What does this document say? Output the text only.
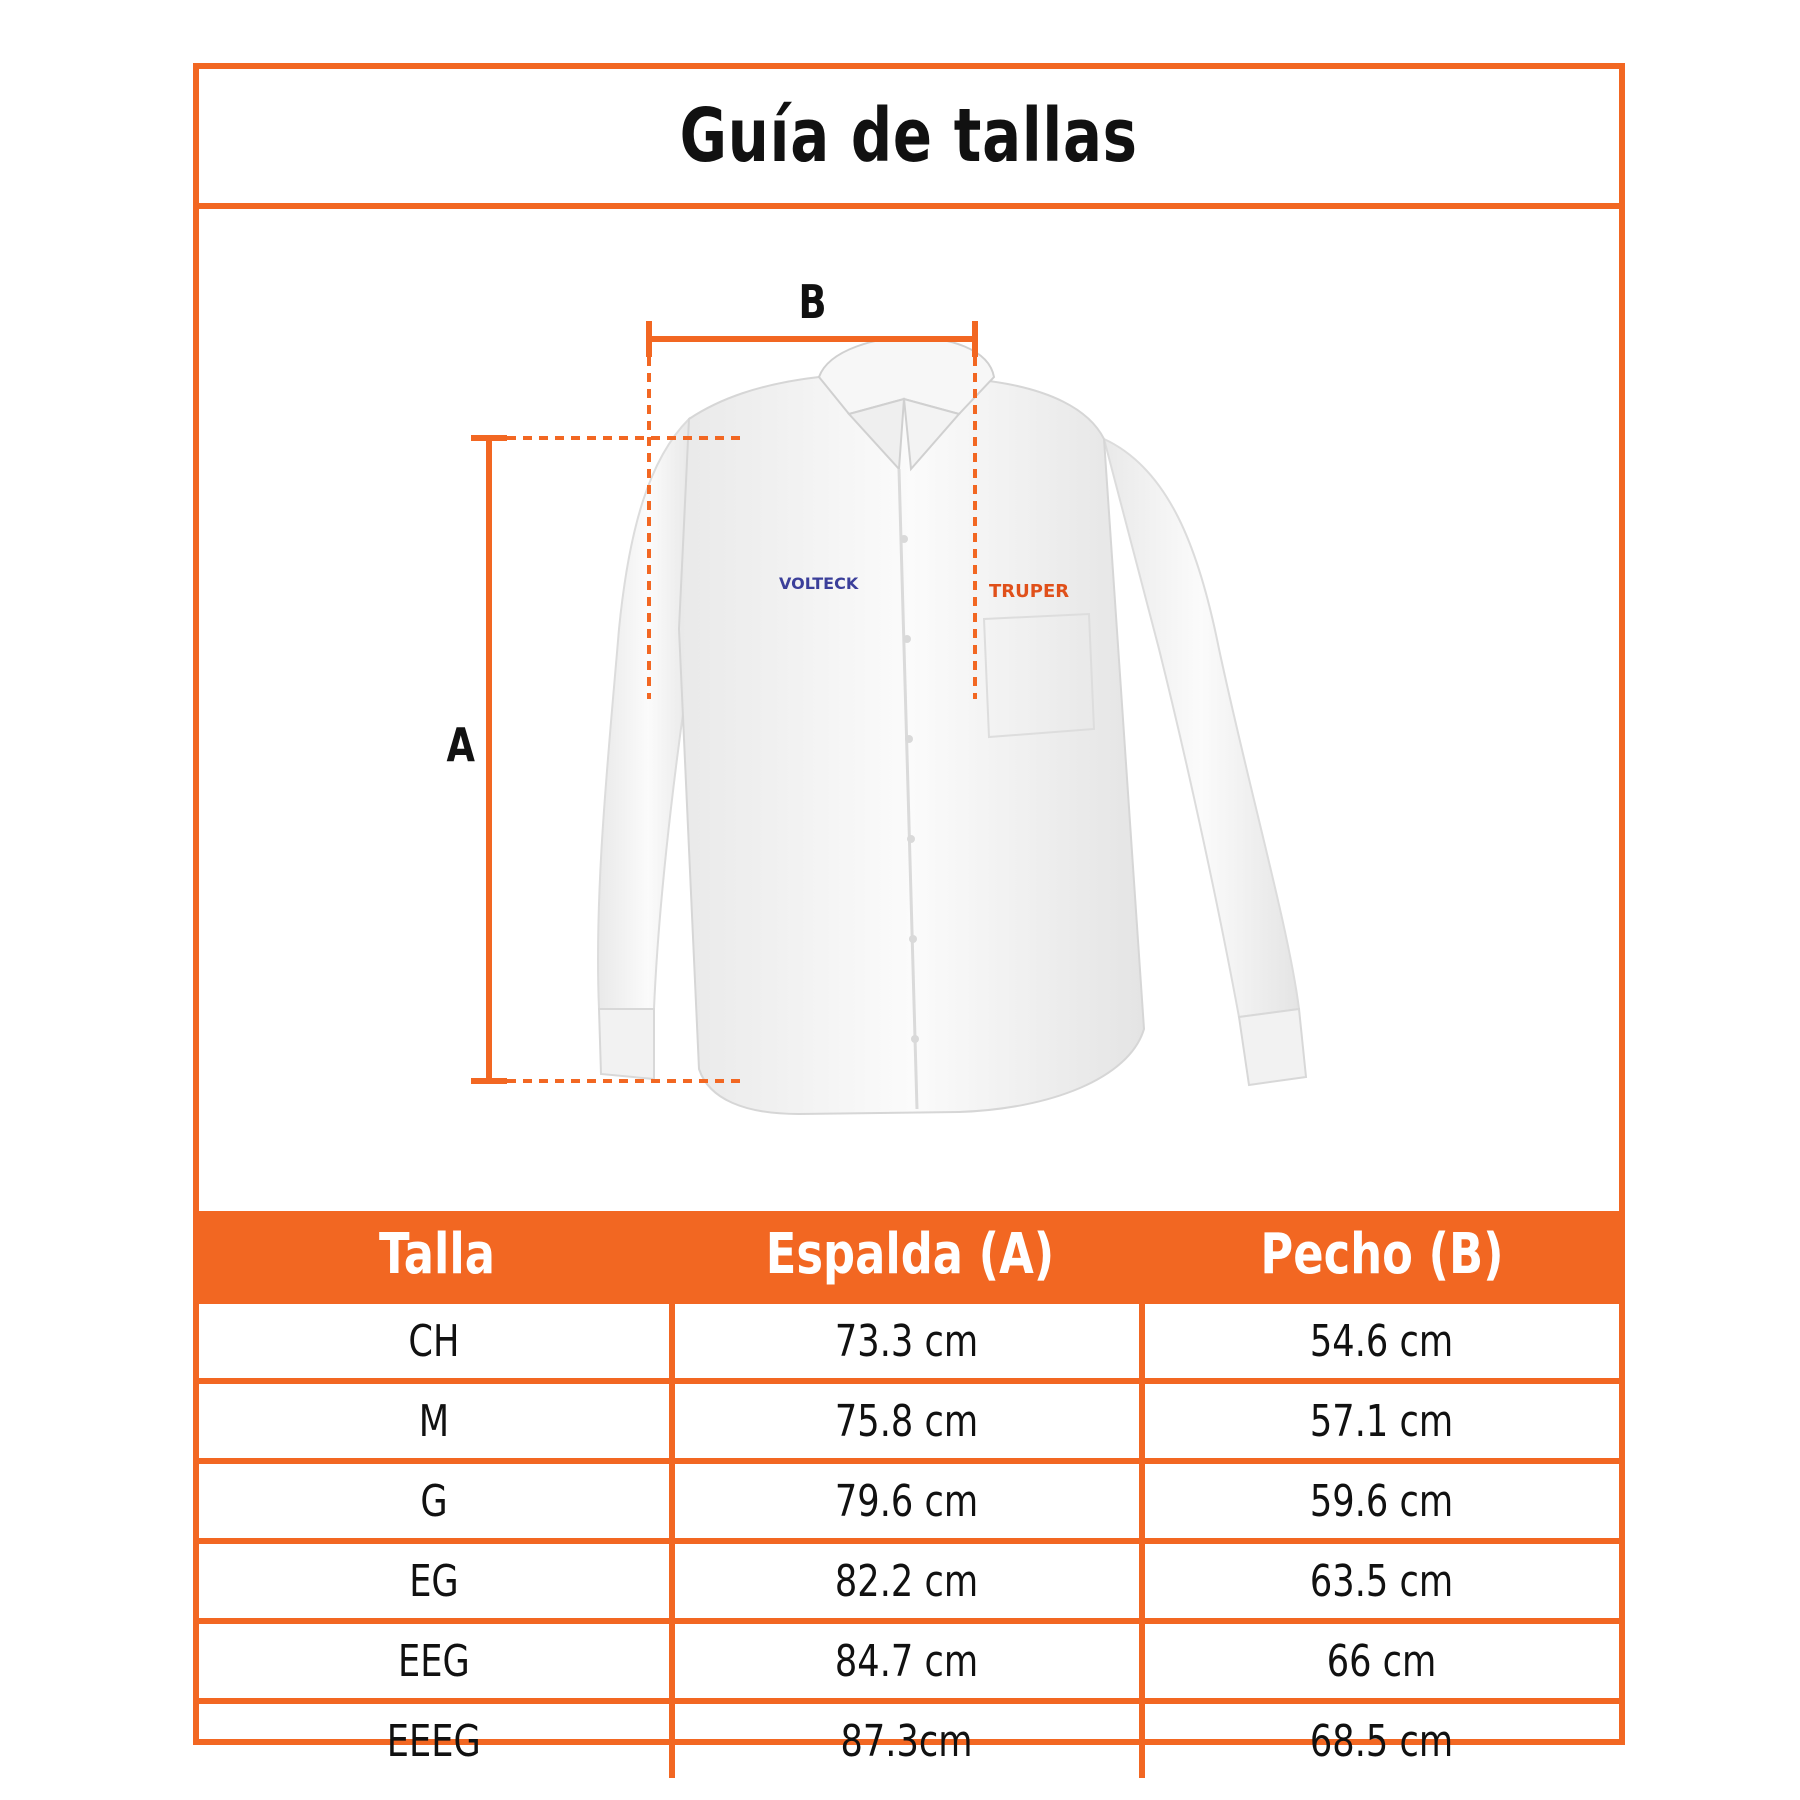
Guía de tallas
VOLTECK	TRUPER
A
B
Talla	Espalda (A)	Pecho (B)
CH	73.3 cm	54.6 cm
M	75.8 cm	57.1 cm
G	79.6 cm	59.6 cm
EG	82.2 cm	63.5 cm
EEG	84.7 cm	66 cm
EEEG	87.3cm	68.5 cm
